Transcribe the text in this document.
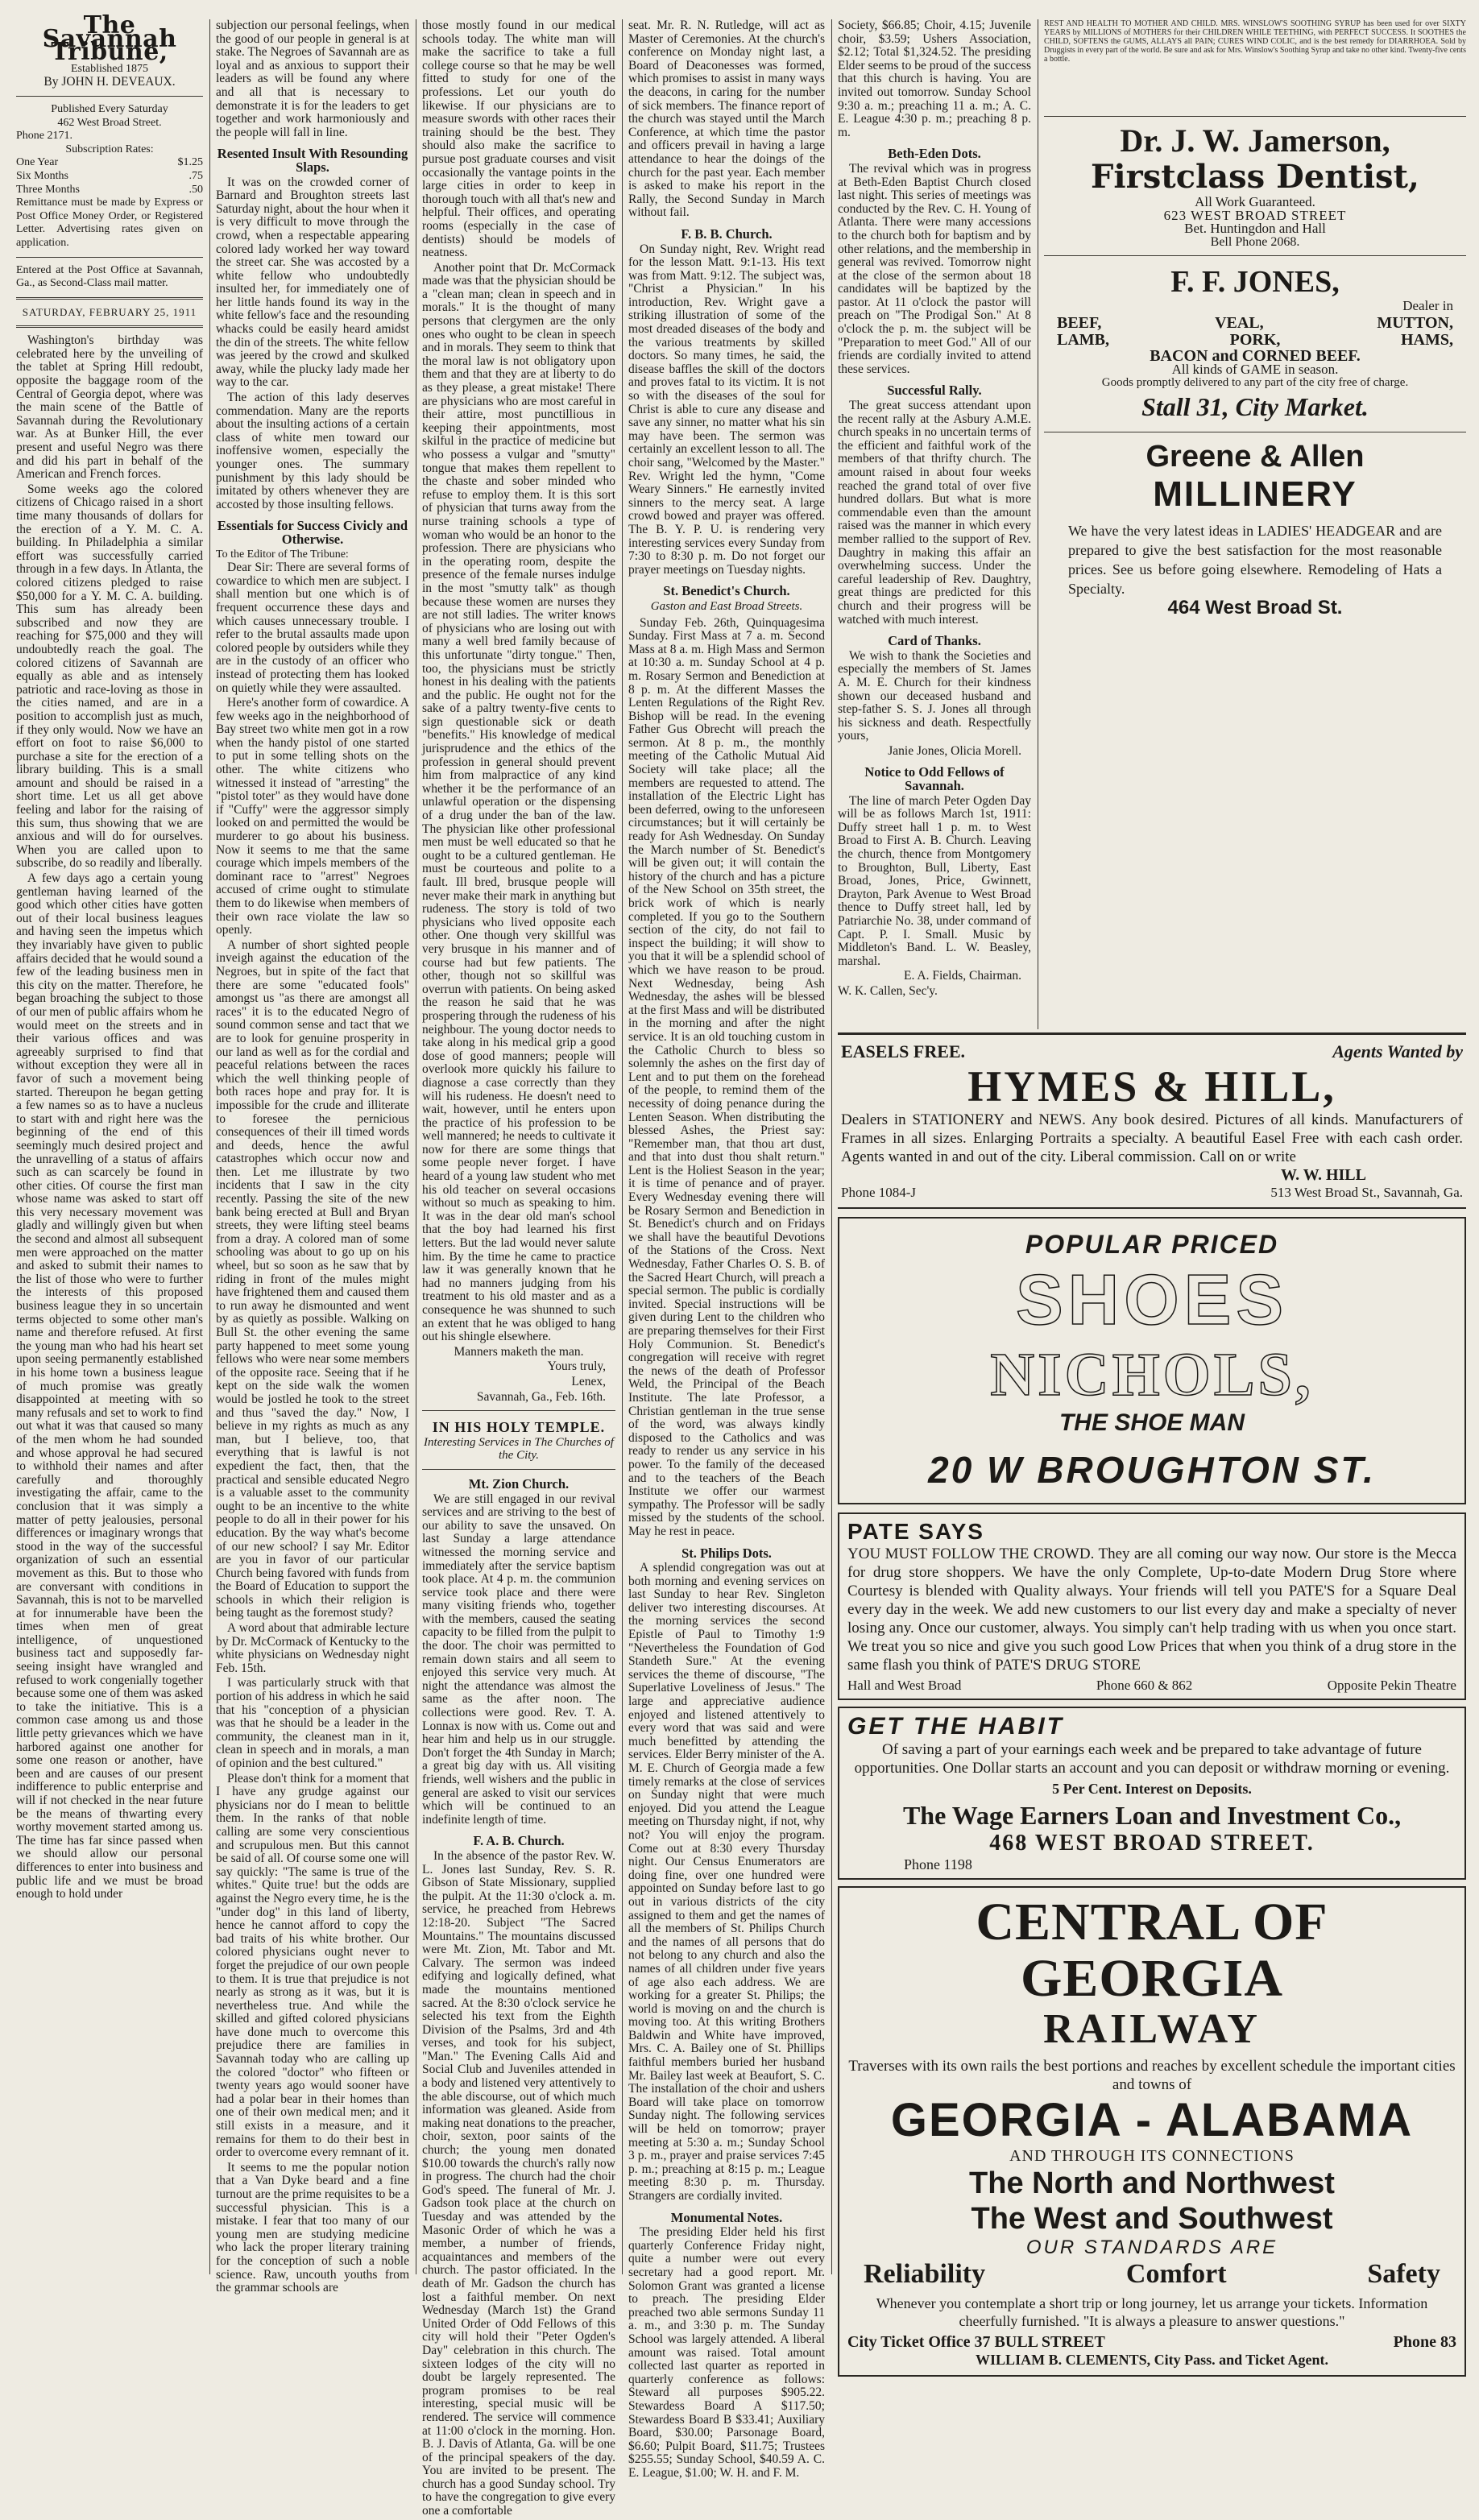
The Savannah Tribune,
Established 1875
By JOHN H. DEVEAUX.
Published Every Saturday
462 West Broad Street.
Phone 2171.
Subscription Rates:
One Year	$1.25
Six Months	.75
Three Months	.50
Remittance must be made by Express or Post Office Money Order, or Registered Letter. Advertising rates given on application.
Entered at the Post Office at Savannah, Ga., as Second-Class mail matter.
SATURDAY, FEBRUARY 25, 1911

Washington's birthday was celebrated here by the unveiling of the tablet at Spring Hill redoubt, opposite the baggage room of the Central of Georgia depot, where was the main scene of the Battle of Savannah during the Revolutionary war. As at Bunker Hill, the ever present and useful Negro was there and did his part in behalf of the American and French forces.

Some weeks ago the colored citizens of Chicago raised in a short time many thousands of dollars for the erection of a Y. M. C. A. building. In Philadelphia a similar effort was successfully carried through in a few days. In Atlanta, the colored citizens pledged to raise $50,000 for a Y. M. C. A. building. This sum has already been subscribed and now they are reaching for $75,000 and they will undoubtedly reach the goal. The colored citizens of Savannah are equally as able and as intensely patriotic and race-loving as those in the cities named, and are in a position to accomplish just as much, if they only would. Now we have an effort on foot to raise $6,000 to purchase a site for the erection of a library building. This is a small amount and should be raised in a short time. Let us all get above feeling and labor for the raising of this sum, thus showing that we are anxious and will do for ourselves. When you are called upon to subscribe, do so readily and liberally.

A few days ago a certain young gentleman having learned of the good which other cities have gotten out of their local business leagues and having seen the impetus which they invariably have given to public affairs decided that he would sound a few of the leading business men in this city on the matter. Therefore, he began broaching the subject to those of our men of public affairs whom he would meet on the streets and in their various offices and was agreeably surprised to find that without exception they were all in favor of such a movement being started. Thereupon he began getting a few names so as to have a nucleus to start with and right here was the beginning of the end of this seemingly much desired project and the unravelling of a status of affairs such as can scarcely be found in other cities. Of course the first man whose name was asked to start off this very necessary movement was gladly and willingly given but when the second and almost all subsequent men were approached on the matter and asked to submit their names to the list of those who were to further the interests of this proposed business league they in so uncertain terms objected to some other man's name and therefore refused. At first the young man who had his heart set upon seeing permanently established in his home town a business league of much promise was greatly disappointed at meeting with so many refusals and set to work to find out what it was that caused so many of the men whom he had sounded and whose approval he had secured to withhold their names and after carefully and thoroughly investigating the affair, came to the conclusion that it was simply a matter of petty jealousies, personal differences or imaginary wrongs that stood in the way of the successful organization of such an essential movement as this. But to those who are conversant with conditions in Savannah, this is not to be marvelled at for innumerable have been the times when men of great intelligence, of unquestioned business tact and supposedly far-seeing insight have wrangled and refused to work congenially together because some one of them was asked to take the initiative. This is a common case among us and those little petty grievances which we have harbored against one another for some one reason or another, have been and are causes of our present indifference to public enterprise and will if not checked in the near future be the means of thwarting every worthy movement started among us. The time has far since passed when we should allow our personal differences to enter into business and public life and we must be broad enough to hold under

subjection our personal feelings, when the good of our people in general is at stake. The Negroes of Savannah are as loyal and as anxious to support their leaders as will be found any where and all that is necessary to demonstrate it is for the leaders to get together and work harmoniously and the people will fall in line.

Resented Insult With Resounding Slaps.

It was on the crowded corner of Barnard and Broughton streets last Saturday night, about the hour when it is very difficult to move through the crowd, when a respectable appearing colored lady worked her way toward the street car. She was accosted by a white fellow who undoubtedly insulted her, for immediately one of her little hands found its way in the white fellow's face and the resounding whacks could be easily heard amidst the din of the streets. The white fellow was jeered by the crowd and skulked away, while the plucky lady made her way to the car.

The action of this lady deserves commendation. Many are the reports about the insulting actions of a certain class of white men toward our inoffensive women, especially the younger ones. The summary punishment by this lady should be imitated by others whenever they are accosted by those insulting fellows.

Essentials for Success Civicly and Otherwise.
To the Editor of The Tribune:

Dear Sir: There are several forms of cowardice to which men are subject. I shall mention but one which is of frequent occurrence these days and which causes unnecessary trouble. I refer to the brutal assaults made upon colored people by outsiders while they are in the custody of an officer who instead of protecting them has looked on quietly while they were assaulted.

Here's another form of cowardice. A few weeks ago in the neighborhood of Bay street two white men got in a row when the handy pistol of one started to put in some telling shots on the other. The white citizens who witnessed it instead of "arresting" the "pistol toter" as they would have done if "Cuffy" were the aggressor simply looked on and permitted the would be murderer to go about his business. Now it seems to me that the same courage which impels members of the dominant race to "arrest" Negroes accused of crime ought to stimulate them to do likewise when members of their own race violate the law so openly.

A number of short sighted people inveigh against the education of the Negroes, but in spite of the fact that there are some "educated fools" amongst us "as there are amongst all races" it is to the educated Negro of sound common sense and tact that we are to look for genuine prosperity in our land as well as for the cordial and peaceful relations between the races which the well thinking people of both races hope and pray for. It is impossible for the crude and illiterate to foresee the pernicious consequences of their ill timed words and deeds, hence the awful catastrophes which occur now and then. Let me illustrate by two incidents that I saw in the city recently. Passing the site of the new bank being erected at Bull and Bryan streets, they were lifting steel beams from a dray. A colored man of some schooling was about to go up on his wheel, but so soon as he saw that by riding in front of the mules might have frightened them and caused them to run away he dismounted and went by as quietly as possible. Walking on Bull St. the other evening the same party happened to meet some young fellows who were near some members of the opposite race. Seeing that if he kept on the side walk the women would be jostled he took to the street and thus "saved the day." Now, I believe in my rights as much as any man, but I believe, too, that everything that is lawful is not expedient the fact, then, that the practical and sensible educated Negro is a valuable asset to the community ought to be an incentive to the white people to do all in their power for his education. By the way what's become of our new school? I say Mr. Editor are you in favor of our particular Church being favored with funds from the Board of Education to support the schools in which their religion is being taught as the foremost study?

A word about that admirable lecture by Dr. McCormack of Kentucky to the white physicians on Wednesday night Feb. 15th.

I was particularly struck with that portion of his address in which he said that his "conception of a physician was that he should be a leader in the community, the cleanest man in it, clean in speech and in morals, a man of opinion and the best cultured."

Please don't think for a moment that I have any grudge against our physicians nor do I mean to belittle them. In the ranks of that noble calling are some very conscientious and scrupulous men. But this cannot be said of all. Of course some one will say quickly: "The same is true of the whites." Quite true! but the odds are against the Negro every time, he is the "under dog" in this land of liberty, hence he cannot afford to copy the bad traits of his white brother. Our colored physicians ought never to forget the prejudice of our own people to them. It is true that prejudice is not nearly as strong as it was, but it is nevertheless true. And while the skilled and gifted colored physicians have done much to overcome this prejudice there are families in Savannah today who are calling up the colored "doctor" who fifteen or twenty years ago would sooner have had a polar bear in their homes than one of their own medical men; and it still exists in a measure, and it remains for them to do their best in order to overcome every remnant of it.

It seems to me the popular notion that a Van Dyke beard and a fine turnout are the prime requisites to be a successful physician. This is a mistake. I fear that too many of our young men are studying medicine who lack the proper literary training for the conception of such a noble science. Raw, uncouth youths from the grammar schools are

those mostly found in our medical schools today. The white man will make the sacrifice to take a full college course so that he may be well fitted to study for one of the professions. Let our youth do likewise. If our physicians are to measure swords with other races their training should be the best. They should also make the sacrifice to pursue post graduate courses and visit occasionally the vantage points in the large cities in order to keep in thorough touch with all that's new and helpful. Their offices, and operating rooms (especially in the case of dentists) should be models of neatness.

Another point that Dr. McCormack made was that the physician should be a "clean man; clean in speech and in morals." It is the thought of many persons that clergymen are the only ones who ought to be clean in speech and in morals. They seem to think that the moral law is not obligatory upon them and that they are at liberty to do as they please, a great mistake! There are physicians who are most careful in their attire, most punctillious in keeping their appointments, most skilful in the practice of medicine but who possess a vulgar and "smutty" tongue that makes them repellent to the chaste and sober minded who refuse to employ them. It is this sort of physician that turns away from the nurse training schools a type of woman who would be an honor to the profession. There are physicians who in the operating room, despite the presence of the female nurses indulge in the most "smutty talk" as though because these women are nurses they are not still ladies. The writer knows of physicians who are losing out with many a well bred family because of this unfortunate "dirty tongue." Then, too, the physicians must be strictly honest in his dealing with the patients and the public. He ought not for the sake of a paltry twenty-five cents to sign questionable sick or death "benefits." His knowledge of medical jurisprudence and the ethics of the profession in general should prevent him from malpractice of any kind whether it be the performance of an unlawful operation or the dispensing of a drug under the ban of the law. The physician like other professional men must be well educated so that he ought to be a cultured gentleman. He must be courteous and polite to a fault. Ill bred, brusque people will never make their mark in anything but rudeness. The story is told of two physicians who lived opposite each other. One though very skillful was very brusque in his manner and of course had but few patients. The other, though not so skillful was overrun with patients. On being asked the reason he said that he was prospering through the rudeness of his neighbour. The young doctor needs to take along in his medical grip a good dose of good manners; people will overlook more quickly his failure to diagnose a case correctly than they will his rudeness. He doesn't need to wait, however, until he enters upon the practice of his profession to be well mannered; he needs to cultivate it now for there are some things that some people never forget. I have heard of a young law student who met his old teacher on several occasions without so much as speaking to him. It was in the dear old man's school that the boy had learned his first letters. But the lad would never salute him. By the time he came to practice law it was generally known that he had no manners judging from his treatment to his old master and as a consequence he was shunned to such an extent that he was obliged to hang out his shingle elsewhere.

Manners maketh the man.

Yours truly,

Lenex,

Savannah, Ga., Feb. 16th.

IN HIS HOLY TEMPLE.
Interesting Services in The Churches of the City.
Mt. Zion Church.

We are still engaged in our revival services and are striving to the best of our ability to save the unsaved. On last Sunday a large attendance witnessed the morning service and immediately after the service baptism took place. At 4 p. m. the communion service took place and there were many visiting friends who, together with the members, caused the seating capacity to be filled from the pulpit to the door. The choir was permitted to remain down stairs and all seem to enjoyed this service very much. At night the attendance was almost the same as the after noon. The collections were good. Rev. T. A. Lonnax is now with us. Come out and hear him and help us in our struggle. Don't forget the 4th Sunday in March; a great big day with us. All visiting friends, well wishers and the public in general are asked to visit our services which will be continued to an indefinite length of time.

F. A. B. Church.

In the absence of the pastor Rev. W. L. Jones last Sunday, Rev. S. R. Gibson of State Missionary, supplied the pulpit. At the 11:30 o'clock a. m. service, he preached from Hebrews 12:18-20. Subject "The Sacred Mountains." The mountains discussed were Mt. Zion, Mt. Tabor and Mt. Calvary. The sermon was indeed edifying and logically defined, what made the mountains mentioned sacred. At the 8:30 o'clock service he selected his text from the Eighth Division of the Psalms, 3rd and 4th verses, and took for his subject, "Man." The Evening Calls Aid and Social Club and Juveniles attended in a body and listened very attentively to the able discourse, out of which much information was gleaned. Aside from making neat donations to the preacher, choir, sexton, poor saints of the church; the young men donated $10.00 towards the church's rally now in progress. The church had the choir God's speed. The funeral of Mr. J. Gadson took place at the church on Tuesday and was attended by the Masonic Order of which he was a member, a number of friends, acquaintances and members of the church. The pastor officiated. In the death of Mr. Gadson the church has lost a faithful member. On next Wednesday (March 1st) the Grand United Order of Odd Fellows of this city will hold their "Peter Ogden's Day" celebration in this church. The sixteen lodges of the city will no doubt be largely represented. The program promises to be real interesting, special music will be rendered. The service will commence at 11:00 o'clock in the morning. Hon. B. J. Davis of Atlanta, Ga. will be one of the principal speakers of the day. You are invited to be present. The church has a good Sunday school. Try to have the congregation to give every one a comfortable

seat. Mr. R. N. Rutledge, will act as Master of Ceremonies. At the church's conference on Monday night last, a Board of Deaconesses was formed, which promises to assist in many ways the deacons, in caring for the number of sick members. The finance report of the church was stayed until the March Conference, at which time the pastor and officers prevail in having a large attendance to hear the doings of the church for the past year. Each member is asked to make his report in the Rally, the Second Sunday in March without fail.

F. B. B. Church.

On Sunday night, Rev. Wright read for the lesson Matt. 9:1-13. His text was from Matt. 9:12. The subject was, "Christ a Physician." In his introduction, Rev. Wright gave a striking illustration of some of the most dreaded diseases of the body and the various treatments by skilled doctors. So many times, he said, the disease baffles the skill of the doctors and proves fatal to its victim. It is not so with the diseases of the soul for Christ is able to cure any disease and save any sinner, no matter what his sin may have been. The sermon was certainly an excellent lesson to all. The choir sang, "Welcomed by the Master." Rev. Wright led the hymn, "Come Weary Sinners." He earnestly invited sinners to the mercy seat. A large crowd bowed and prayer was offered. The B. Y. P. U. is rendering very interesting services every Sunday from 7:30 to 8:30 p. m. Do not forget our prayer meetings on Tuesday nights.

St. Benedict's Church.
Gaston and East Broad Streets.

Sunday Feb. 26th, Quinquagesima Sunday. First Mass at 7 a. m. Second Mass at 8 a. m. High Mass and Sermon at 10:30 a. m. Sunday School at 4 p. m. Rosary Sermon and Benediction at 8 p. m. At the different Masses the Lenten Regulations of the Right Rev. Bishop will be read. In the evening Father Gus Obrecht will preach the sermon. At 8 p. m., the monthly meeting of the Catholic Mutual Aid Society will take place; all the members are requested to attend. The installation of the Electric Light has been deferred, owing to the unforeseen circumstances; but it will certainly be ready for Ash Wednesday. On Sunday the March number of St. Benedict's will be given out; it will contain the history of the church and has a picture of the New School on 35th street, the brick work of which is nearly completed. If you go to the Southern section of the city, do not fail to inspect the building; it will show to you that it will be a splendid school of which we have reason to be proud. Next Wednesday, being Ash Wednesday, the ashes will be blessed at the first Mass and will be distributed in the morning and after the night service. It is an old touching custom in the Catholic Church to bless so solemnly the ashes on the first day of Lent and to put them on the forehead of the people, to remind them of the necessity of doing penance during the Lenten Season. When distributing the blessed Ashes, the Priest say: "Remember man, that thou art dust, and that into dust thou shalt return." Lent is the Holiest Season in the year; it is time of penance and of prayer. Every Wednesday evening there will be Rosary Sermon and Benediction in St. Benedict's church and on Fridays we shall have the beautiful Devotions of the Stations of the Cross. Next Wednesday, Father Charles O. S. B. of the Sacred Heart Church, will preach a special sermon. The public is cordially invited. Special instructions will be given during Lent to the children who are preparing themselves for their First Holy Communion. St. Benedict's congregation will receive with regret the news of the death of Professor Weld, the Principal of the Beach Institute. The late Professor, a Christian gentleman in the true sense of the word, was always kindly disposed to the Catholics and was ready to render us any service in his power. To the family of the deceased and to the teachers of the Beach Institute we offer our warmest sympathy. The Professor will be sadly missed by the students of the school. May he rest in peace.

St. Philips Dots.

A splendid congregation was out at both morning and evening services on last Sunday to hear Rev. Singleton deliver two interesting discourses. At the morning services the second Epistle of Paul to Timothy 1:9 "Nevertheless the Foundation of God Standeth Sure." At the evening services the theme of discourse, "The Superlative Loveliness of Jesus." The large and appreciative audience enjoyed and listened attentively to every word that was said and were much benefitted by attending the services. Elder Berry minister of the A. M. E. Church of Georgia made a few timely remarks at the close of services on Sunday night that were much enjoyed. Did you attend the League meeting on Thursday night, if not, why not? You will enjoy the program. Come out at 8:30 every Thursday night. Our Census Enumerators are doing fine, over one hundred were appointed on Sunday before last to go out in various districts of the city assigned to them and get the names of all the members of St. Philips Church and the names of all persons that do not belong to any church and also the names of all children under five years of age also each address. We are working for a greater St. Philips; the world is moving on and the church is moving too. At this writing Brothers Baldwin and White have improved, Mrs. C. A. Bailey one of St. Phillips faithful members buried her husband Mr. Bailey last week at Beaufort, S. C. The installation of the choir and ushers Board will take place on tomorrow Sunday night. The following services will be held on tomorrow; prayer meeting at 5:30 a. m.; Sunday School 3 p. m., prayer and praise services 7:45 p. m.; preaching at 8:15 p. m.; League meeting 8:30 p. m. Thursday. Strangers are cordially invited.

Monumental Notes.

The presiding Elder held his first quarterly Conference Friday night, quite a number were out every secretary had a good report. Mr. Solomon Grant was granted a license to preach. The presiding Elder preached two able sermons Sunday 11 a. m., and 3:30 p. m. The Sunday School was largely attended. A liberal amount was raised. Total amount collected last quarter as reported in quarterly conference as follows: Steward all purposes $905.22. Stewardess Board A $117.50; Stewardess Board B $33.41; Auxiliary Board, $30.00; Parsonage Board, $6.60; Pulpit Board, $11.75; Trustees $255.55; Sunday School, $40.59 A. C. E. League, $1.00; W. H. and F. M.

Society, $66.85; Choir, 4.15; Juvenile choir, $3.59; Ushers Association, $2.12; Total $1,324.52. The presiding Elder seems to be proud of the success that this church is having. You are invited out tomorrow. Sunday School 9:30 a. m.; preaching 11 a. m.; A. C. E. League 4:30 p. m.; preaching 8 p. m.

Beth-Eden Dots.

The revival which was in progress at Beth-Eden Baptist Church closed last night. This series of meetings was conducted by the Rev. C. H. Young of Atlanta. There were many accessions to the church both for baptism and by other relations, and the membership in general was revived. Tomorrow night at the close of the sermon about 18 candidates will be baptized by the pastor. At 11 o'clock the pastor will preach on "The Prodigal Son." At 8 o'clock the p. m. the subject will be "Preparation to meet God." All of our friends are cordially invited to attend these services.

Successful Rally.

The great success attendant upon the recent rally at the Asbury A.M.E. church speaks in no uncertain terms of the efficient and faithful work of the members of that thrifty church. The amount raised in about four weeks reached the grand total of over five hundred dollars. But what is more commendable even than the amount raised was the manner in which every member rallied to the support of Rev. Daughtry in making this affair an overwhelming success. Under the careful leadership of Rev. Daughtry, great things are predicted for this church and their progress will be watched with much interest.

Card of Thanks.

We wish to thank the Societies and especially the members of St. James A. M. E. Church for their kindness shown our deceased husband and step-father S. S. J. Jones all through his sickness and death. Respectfully yours,

Janie Jones, Olicia Morell.

Notice to Odd Fellows of Savannah.

The line of march Peter Ogden Day will be as follows March 1st, 1911: Duffy street hall 1 p. m. to West Broad to First A. B. Church. Leaving the church, thence from Montgomery to Broughton, Bull, Liberty, East Broad, Jones, Price, Gwinnett, Drayton, Park Avenue to West Broad thence to Duffy street hall, led by Patriarchie No. 38, under command of Capt. P. I. Small. Music by Middleton's Band. L. W. Beasley, marshal.

E. A. Fields, Chairman.

W. K. Callen, Sec'y.

REST AND HEALTH TO MOTHER AND CHILD. MRS. WINSLOW'S SOOTHING SYRUP has been used for over SIXTY YEARS by MILLIONS of MOTHERS for their CHILDREN WHILE TEETHING, with PERFECT SUCCESS. It SOOTHES the CHILD, SOFTENS the GUMS, ALLAYS all PAIN; CURES WIND COLIC, and is the best remedy for DIARRHOEA. Sold by Druggists in every part of the world. Be sure and ask for Mrs. Winslow's Soothing Syrup and take no other kind. Twenty-five cents a bottle.
Dr. J. W. Jamerson,
Firstclass Dentist,
All Work Guaranteed.
623 WEST BROAD STREET
Bet. Huntingdon and Hall
Bell Phone 2068.
F. F. JONES,
Dealer in
BEEF,	VEAL,	MUTTON,
LAMB,	PORK,	HAMS,
BACON and CORNED BEEF.
All kinds of GAME in season.
Goods promptly delivered to any part of the city free of charge.
Stall 31, City Market.
Greene & Allen
MILLINERY
We have the very latest ideas in LADIES' HEADGEAR and are prepared to give the best satisfaction for the most reasonable prices. See us before going elsewhere. Remodeling of Hats a Specialty.
464 West Broad St.
EASELS FREE.	Agents Wanted by
HYMES & HILL,
Dealers in STATIONERY and NEWS. Any book desired. Pictures of all kinds. Manufacturers of Frames in all sizes. Enlarging Portraits a specialty. A beautiful Easel Free with each cash order. Agents wanted in and out of the city. Liberal commission. Call on or write
W. W. HILL
Phone 1084-J	513 West Broad St., Savannah, Ga.
POPULAR PRICED
SHOES
NICHOLS,
THE SHOE MAN
20 W BROUGHTON ST.
PATE SAYS
YOU MUST FOLLOW THE CROWD. They are all coming our way now. Our store is the Mecca for drug store shoppers. We have the only Complete, Up-to-date Modern Drug Store where Courtesy is blended with Quality always. Your friends will tell you PATE'S for a Square Deal every day in the week. We add new customers to our list every day and make a specialty of never losing any. Once our customer, always. You simply can't help trading with us when you once start. We treat you so nice and give you such good Low Prices that when you think of a drug store in the same flash you think of PATE'S DRUG STORE
Hall and West Broad	Phone 660 & 862	Opposite Pekin Theatre
GET THE HABIT
Of saving a part of your earnings each week and be prepared to take advantage of future opportunities. One Dollar starts an account and you can deposit or withdraw morning or evening.
5 Per Cent. Interest on Deposits.
The Wage Earners Loan and Investment Co.,
468 WEST BROAD STREET.
Phone 1198
CENTRAL OF GEORGIA
RAILWAY
Traverses with its own rails the best portions and reaches by excellent schedule the important cities and towns of
GEORGIA - ALABAMA
AND THROUGH ITS CONNECTIONS
The North and Northwest
The West and Southwest
OUR STANDARDS ARE
Reliability	Comfort	Safety
Whenever you contemplate a short trip or long journey, let us arrange your tickets. Information cheerfully furnished. "It is always a pleasure to answer questions."
City Ticket Office 37 BULL STREET	Phone 83
WILLIAM B. CLEMENTS, City Pass. and Ticket Agent.
